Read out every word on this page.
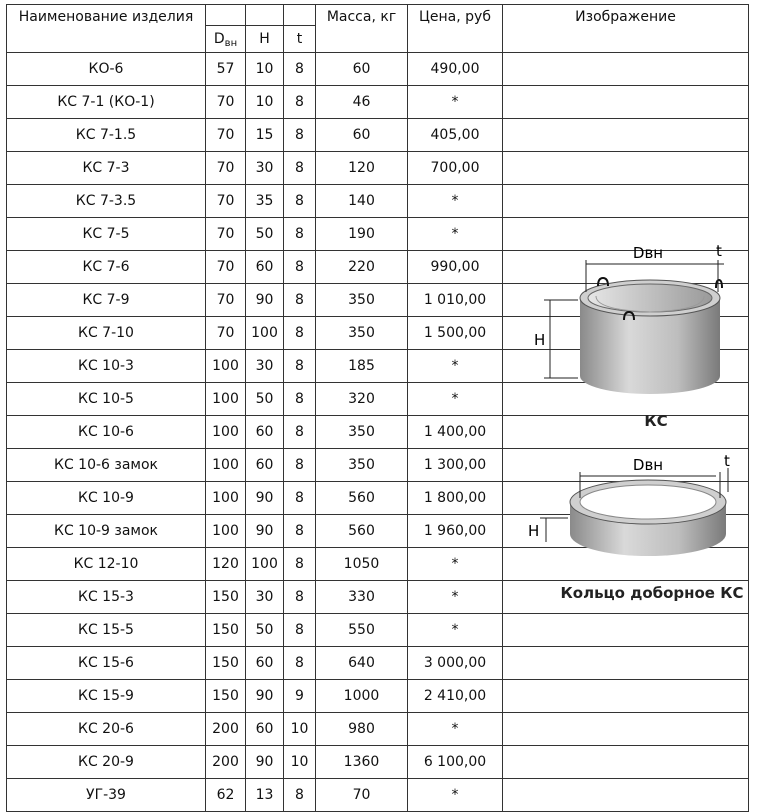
Наименование изделия				Масса, кг	Цена, руб	Изображение
	$D_{вн}$	H	t			
КО-6	57	10	8	60	490,00	
КС 7-1 (КО-1)	70	10	8	46	*	
КС 7-1.5	70	15	8	60	405,00	
КС 7-3	70	30	8	120	700,00	
КС 7-3.5	70	35	8	140	*	
КС 7-5	70	50	8	190	*	
КС 7-6	70	60	8	220	990,00	
КС 7-9	70	90	8	350	1 010,00	
КС 7-10	70	100	8	350	1 500,00	
КС 10-3	100	30	8	185	*	
КС 10-5	100	50	8	320	*	
КС 10-6	100	60	8	350	1 400,00	
КС 10-6 замок	100	60	8	350	1 300,00	
КС 10-9	100	90	8	560	1 800,00	
КС 10-9 замок	100	90	8	560	1 960,00	
КС 12-10	120	100	8	1050	*	
КС 15-3	150	30	8	330	*	
КС 15-5	150	50	8	550	*	
КС 15-6	150	60	8	640	3 000,00	
КС 15-9	150	90	9	1000	2 410,00	
КС 20-6	200	60	10	980	*	
КС 20-9	200	90	10	1360	6 100,00	
УГ-39	62	13	8	70	*	
Dвн	t
H
КС
Dвн	t
H
Кольцо доборное КС
